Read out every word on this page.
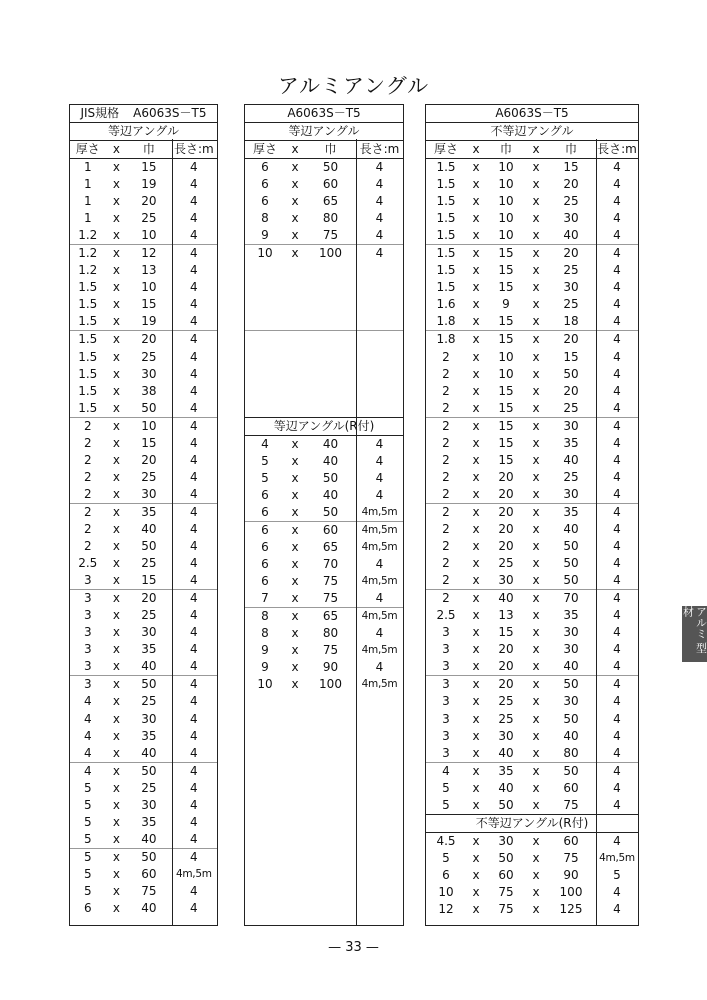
アルミアングル
JIS規格 A6063S－T5
等辺アングル
厚さ	x	巾	長さ:m
1	x	15	4
1	x	19	4
1	x	20	4
1	x	25	4
1.2	x	10	4
1.2	x	12	4
1.2	x	13	4
1.5	x	10	4
1.5	x	15	4
1.5	x	19	4
1.5	x	20	4
1.5	x	25	4
1.5	x	30	4
1.5	x	38	4
1.5	x	50	4
2	x	10	4
2	x	15	4
2	x	20	4
2	x	25	4
2	x	30	4
2	x	35	4
2	x	40	4
2	x	50	4
2.5	x	25	4
3	x	15	4
3	x	20	4
3	x	25	4
3	x	30	4
3	x	35	4
3	x	40	4
3	x	50	4
4	x	25	4
4	x	30	4
4	x	35	4
4	x	40	4
4	x	50	4
5	x	25	4
5	x	30	4
5	x	35	4
5	x	40	4
5	x	50	4
5	x	60	4m,5m
5	x	75	4
6	x	40	4
A6063S－T5
等辺アングル
厚さ	x	巾	長さ:m
6	x	50	4
6	x	60	4
6	x	65	4
8	x	80	4
9	x	75	4
10	x	100	4
等辺アングル(R付)
4	x	40	4
5	x	40	4
5	x	50	4
6	x	40	4
6	x	50	4m,5m
6	x	60	4m,5m
6	x	65	4m,5m
6	x	70	4
6	x	75	4m,5m
7	x	75	4
8	x	65	4m,5m
8	x	80	4
9	x	75	4m,5m
9	x	90	4
10	x	100	4m,5m
A6063S－T5
不等辺アングル
厚さ	x	巾	x	巾	長さ:m
1.5	x	10	x	15	4
1.5	x	10	x	20	4
1.5	x	10	x	25	4
1.5	x	10	x	30	4
1.5	x	10	x	40	4
1.5	x	15	x	20	4
1.5	x	15	x	25	4
1.5	x	15	x	30	4
1.6	x	9	x	25	4
1.8	x	15	x	18	4
1.8	x	15	x	20	4
2	x	10	x	15	4
2	x	10	x	50	4
2	x	15	x	20	4
2	x	15	x	25	4
2	x	15	x	30	4
2	x	15	x	35	4
2	x	15	x	40	4
2	x	20	x	25	4
2	x	20	x	30	4
2	x	20	x	35	4
2	x	20	x	40	4
2	x	20	x	50	4
2	x	25	x	50	4
2	x	30	x	50	4
2	x	40	x	70	4
2.5	x	13	x	35	4
3	x	15	x	30	4
3	x	20	x	30	4
3	x	20	x	40	4
3	x	20	x	50	4
3	x	25	x	30	4
3	x	25	x	50	4
3	x	30	x	40	4
3	x	40	x	80	4
4	x	35	x	50	4
5	x	40	x	60	4
5	x	50	x	75	4
不等辺アングル(R付)
4.5	x	30	x	60	4
5	x	50	x	75	4m,5m
6	x	60	x	90	5
10	x	75	x	100	4
12	x	75	x	125	4
アルミ 型材
— 33 —
